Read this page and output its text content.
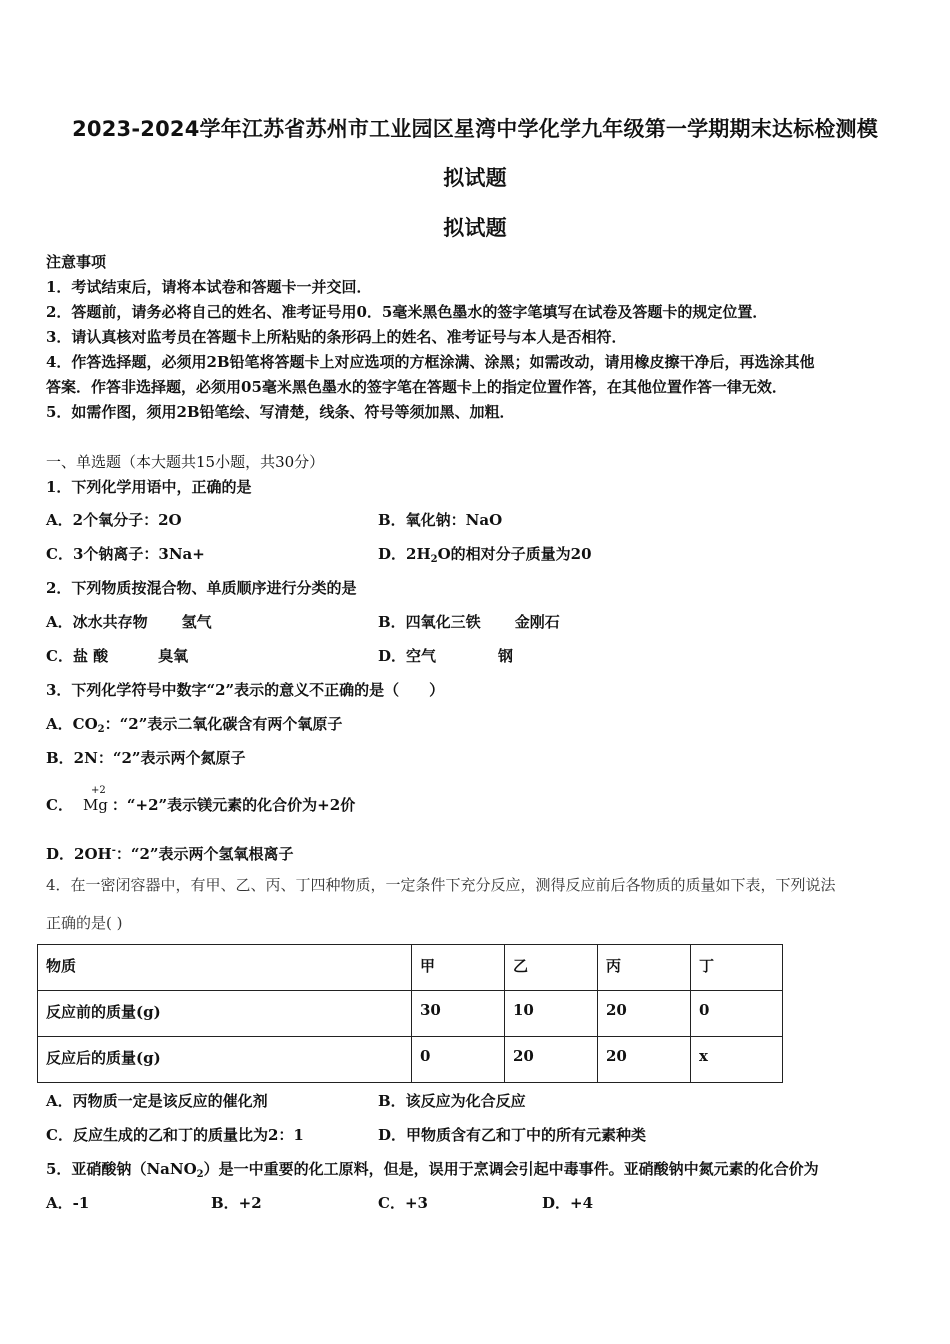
2023-2024学年江苏省苏州市工业园区星湾中学化学九年级第一学期期末达标检测模
拟试题
拟试题
注意事项
1．考试结束后，请将本试卷和答题卡一并交回．
2．答题前，请务必将自己的姓名、准考证号用0．5毫米黑色墨水的签字笔填写在试卷及答题卡的规定位置．
3．请认真核对监考员在答题卡上所粘贴的条形码上的姓名、准考证号与本人是否相符．
4．作答选择题，必须用2B铅笔将答题卡上对应选项的方框涂满、涂黑；如需改动，请用橡皮擦干净后，再选涂其他
答案．作答非选择题，必须用05毫米黑色墨水的签字笔在答题卡上的指定位置作答，在其他位置作答一律无效．
5．如需作图，须用2B铅笔绘、写清楚，线条、符号等须加黑、加粗．
一、单选题（本大题共15小题，共30分）
1．下列化学用语中，正确的是
A．2个氧分子：2O	B．氧化钠：NaO
C．3个钠离子：3Na+	D．$2H_2O$的相对分子质量为20
2．下列物质按混合物、单质顺序进行分类的是
A．冰水共存物 氢气	B．四氧化三铁 金刚石
C．盐 酸	臭氧	D．空气	钢
3．下列化学符号中数字“2”表示的意义不正确的是（　　）
A．$CO_2$：“2”表示二氧化碳含有两个氧原子
B．2N：“2”表示两个氮原子
C．
+2
Mg ：“+2”表示镁元素的化合价为+2价
D．2OH-：“2”表示两个氢氧根离子
4．在一密闭容器中，有甲、乙、丙、丁四种物质，一定条件下充分反应，测得反应前后各物质的质量如下表，下列说法
正确的是( )
物质	甲	乙	丙	丁
反应前的质量(g)	30	10	20	0
反应后的质量(g)	0	20	20	x
A．丙物质一定是该反应的催化剂	B．该反应为化合反应
C．反应生成的乙和丁的质量比为2：1	D．甲物质含有乙和丁中的所有元素种类
5．亚硝酸钠（NaNO$_2$）是一中重要的化工原料，但是，误用于烹调会引起中毒事件。亚硝酸钠中氮元素的化合价为
A．-1	B．+2	C．+3	D．+4
